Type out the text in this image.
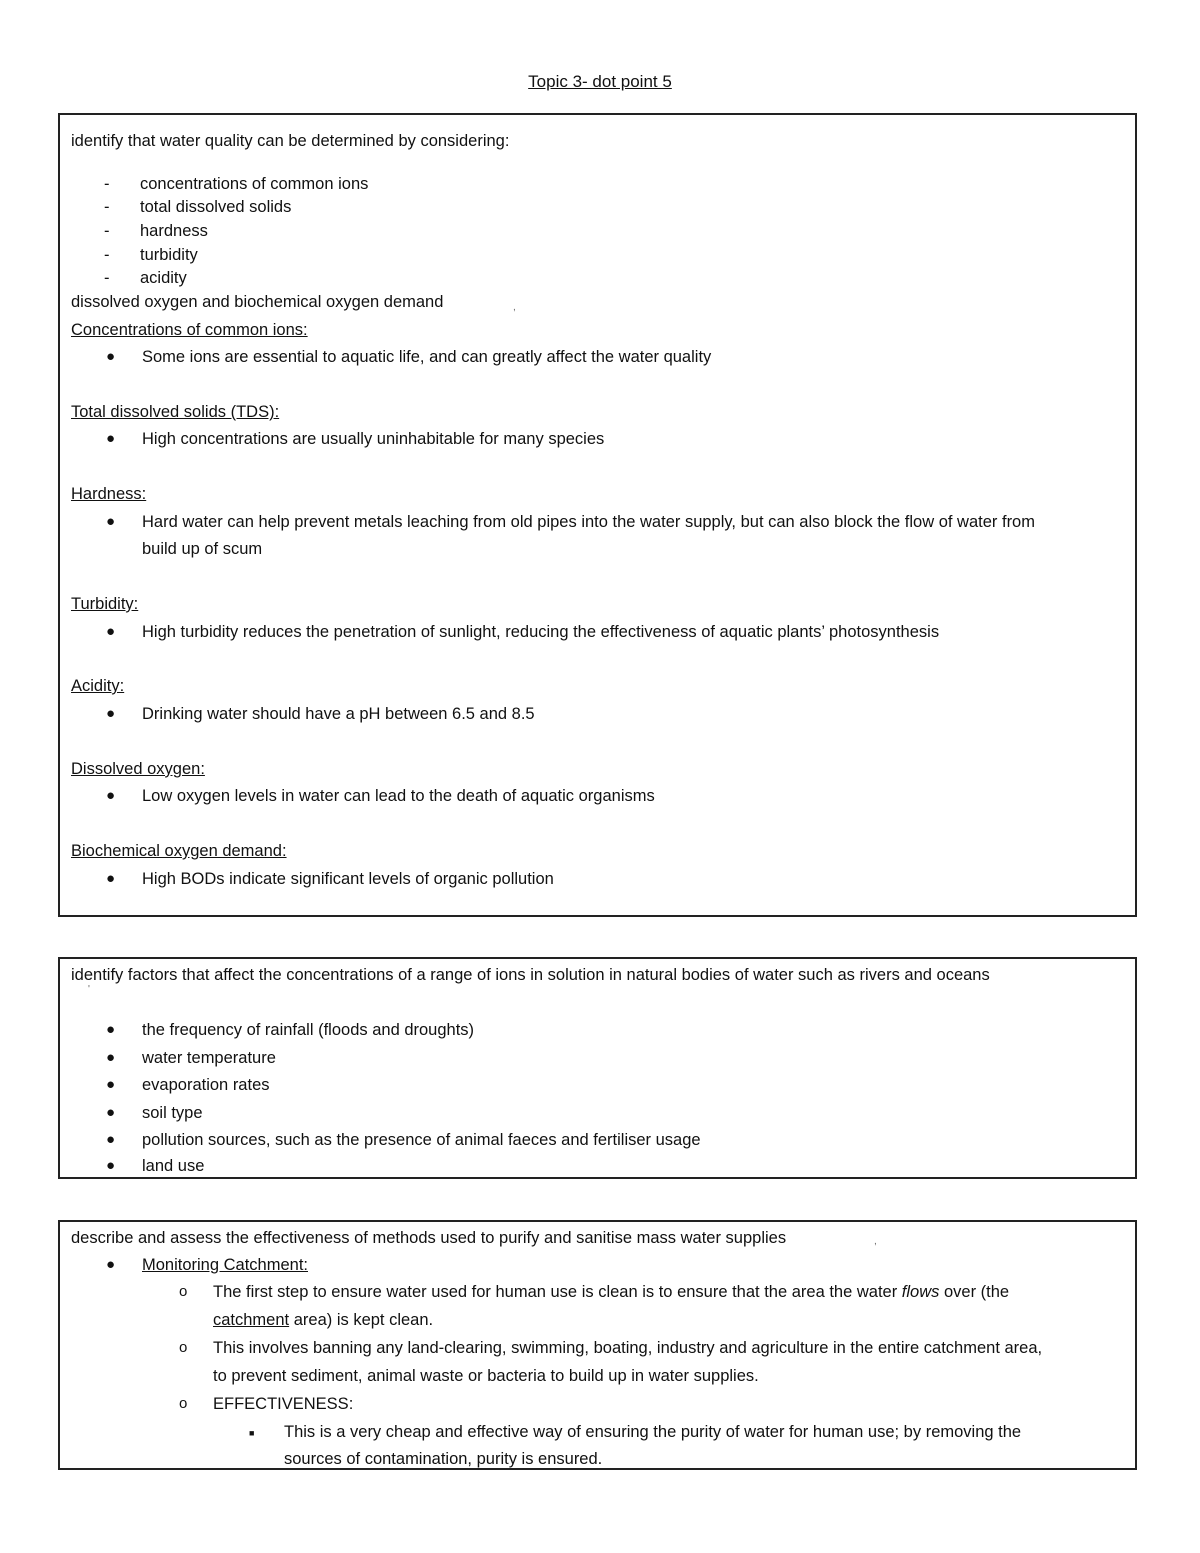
Topic 3- dot point 5
identify that water quality can be determined by considering:
- concentrations of common ions
- total dissolved solids
- hardness
- turbidity
- acidity
dissolved oxygen and biochemical oxygen demand	,
Concentrations of common ions:
● Some ions are essential to aquatic life, and can greatly affect the water quality
Total dissolved solids (TDS):
● High concentrations are usually uninhabitable for many species
Hardness:
● Hard water can help prevent metals leaching from old pipes into the water supply, but can also block the flow of water from
build up of scum
Turbidity:
● High turbidity reduces the penetration of sunlight, reducing the effectiveness of aquatic plants’ photosynthesis
Acidity:
● Drinking water should have a pH between 6.5 and 8.5
Dissolved oxygen:
● Low oxygen levels in water can lead to the death of aquatic organisms
Biochemical oxygen demand:
● High BODs indicate significant levels of organic pollution
identify factors that affect the concentrations of a range of ions in solution in natural bodies of water such as rivers and oceans
'
● the frequency of rainfall (floods and droughts)
● water temperature
● evaporation rates
● soil type
● pollution sources, such as the presence of animal faeces and fertiliser usage
● land use
describe and assess the effectiveness of methods used to purify and sanitise mass water supplies	,
● Monitoring Catchment:
o The first step to ensure water used for human use is clean is to ensure that the area the water flows over (the
catchment area) is kept clean.
o This involves banning any land-clearing, swimming, boating, industry and agriculture in the entire catchment area,
to prevent sediment, animal waste or bacteria to build up in water supplies.
o EFFECTIVENESS:
■ This is a very cheap and effective way of ensuring the purity of water for human use; by removing the
sources of contamination, purity is ensured.
